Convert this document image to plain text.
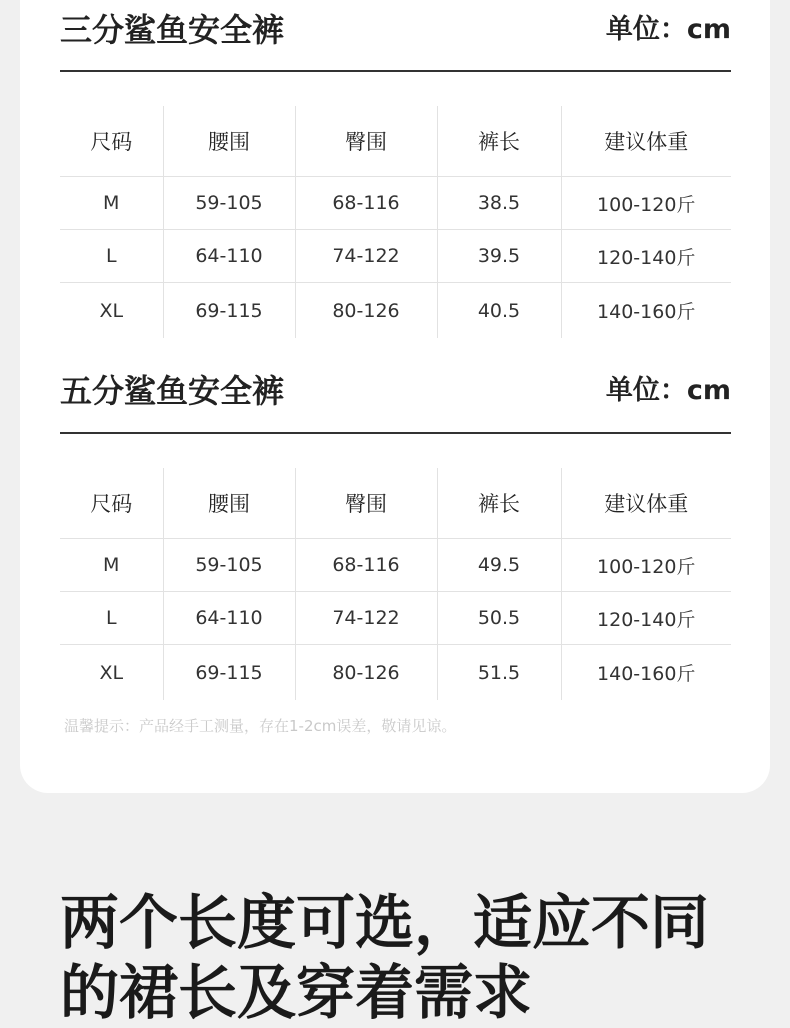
三分鲨鱼安全裤	单位：cm
尺码	腰围	臀围	裤长	建议体重
M	59-105	68-116	38.5	100-120斤
L	64-110	74-122	39.5	120-140斤
XL	69-115	80-126	40.5	140-160斤
五分鲨鱼安全裤	单位：cm
尺码	腰围	臀围	裤长	建议体重
M	59-105	68-116	49.5	100-120斤
L	64-110	74-122	50.5	120-140斤
XL	69-115	80-126	51.5	140-160斤
温馨提示：产品经手工测量，存在1-2cm误差，敬请见谅。
两个长度可选，适应不同
的裙长及穿着需求
